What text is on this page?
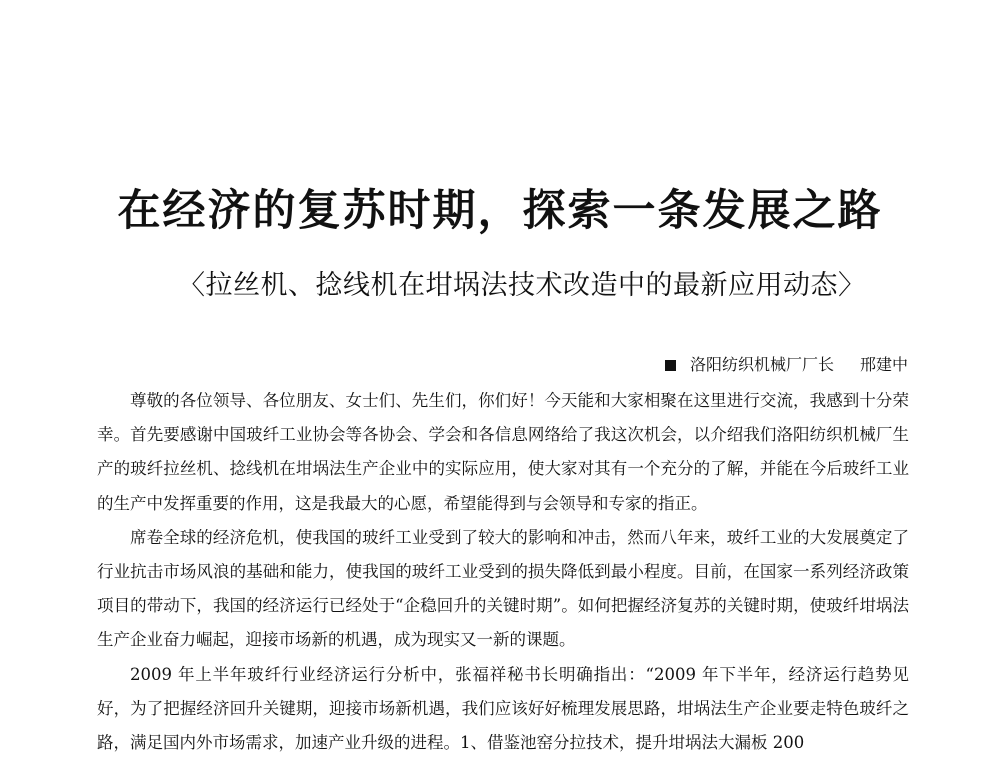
在经济的复苏时期，探索一条发展之路
〈拉丝机、捻线机在坩埚法技术改造中的最新应用动态〉
洛阳纺织机械厂厂长 邢建中

尊敬的各位领导、各位朋友、女士们、先生们，你们好！今天能和大家相聚在这里进行交流，我感到十分荣幸。首先要感谢中国玻纤工业协会等各协会、学会和各信息网络给了我这次机会，以介绍我们洛阳纺织机械厂生产的玻纤拉丝机、捻线机在坩埚法生产企业中的实际应用，使大家对其有一个充分的了解，并能在今后玻纤工业的生产中发挥重要的作用，这是我最大的心愿，希望能得到与会领导和专家的指正。

席卷全球的经济危机，使我国的玻纤工业受到了较大的影响和冲击，然而八年来，玻纤工业的大发展奠定了行业抗击市场风浪的基础和能力，使我国的玻纤工业受到的损失降低到最小程度。目前，在国家一系列经济政策项目的带动下，我国的经济运行已经处于“企稳回升的关键时期”。如何把握经济复苏的关键时期，使玻纤坩埚法生产企业奋力崛起，迎接市场新的机遇，成为现实又一新的课题。

2009 年上半年玻纤行业经济运行分析中，张福祥秘书长明确指出：“2009 年下半年，经济运行趋势见好，为了把握经济回升关键期，迎接市场新机遇，我们应该好好梳理发展思路，坩埚法生产企业要走特色玻纤之路，满足国内外市场需求，加速产业升级的进程。1、借鉴池窑分拉技术，提升坩埚法大漏板 200
